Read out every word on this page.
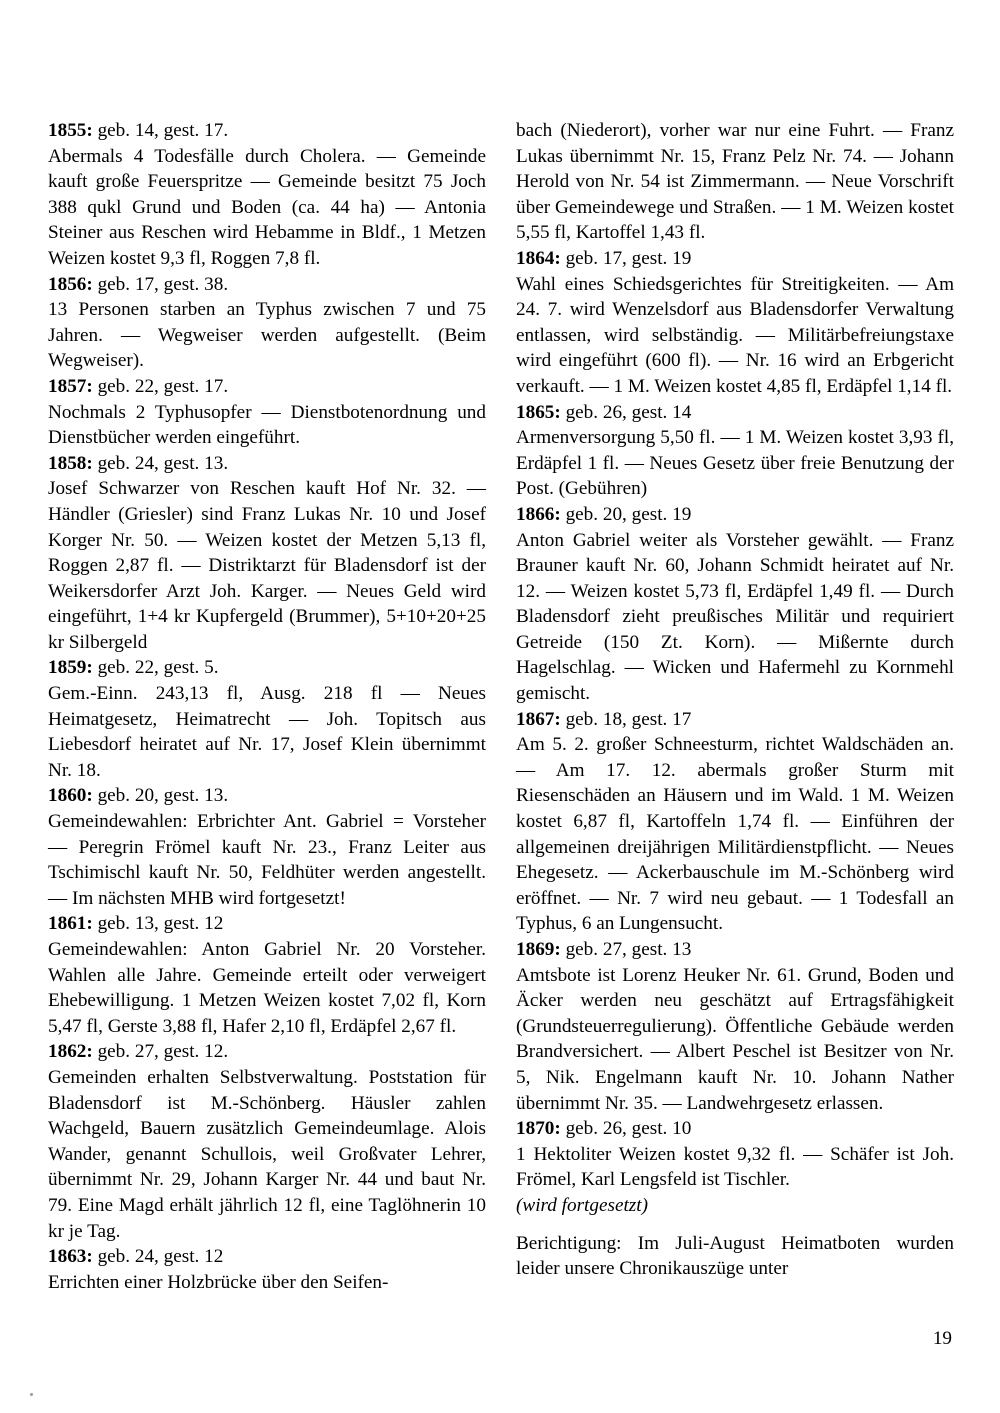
1855: geb. 14, gest. 17.

Abermals 4 Todesfälle durch Cholera. — Gemeinde kauft große Feuerspritze — Gemeinde besitzt 75 Joch 388 qukl Grund und Boden (ca. 44 ha) — Antonia Steiner aus Reschen wird Hebamme in Bldf., 1 Metzen Weizen kostet 9,3 fl, Roggen 7,8 fl.

1856: geb. 17, gest. 38.

13 Personen starben an Typhus zwischen 7 und 75 Jahren. — Wegweiser werden aufgestellt. (Beim Wegweiser).

1857: geb. 22, gest. 17.

Nochmals 2 Typhusopfer — Dienstbotenordnung und Dienstbücher werden eingeführt.

1858: geb. 24, gest. 13.

Josef Schwarzer von Reschen kauft Hof Nr. 32. — Händler (Griesler) sind Franz Lukas Nr. 10 und Josef Korger Nr. 50. — Weizen kostet der Metzen 5,13 fl, Roggen 2,87 fl. — Distriktarzt für Bladensdorf ist der Weikersdorfer Arzt Joh. Karger. — Neues Geld wird eingeführt, 1+4 kr Kupfergeld (Brummer), 5+10+20+25 kr Silbergeld

1859: geb. 22, gest. 5.

Gem.-Einn. 243,13 fl, Ausg. 218 fl — Neues Heimatgesetz, Heimatrecht — Joh. Topitsch aus Liebesdorf heiratet auf Nr. 17, Josef Klein übernimmt Nr. 18.

1860: geb. 20, gest. 13.

Gemeindewahlen: Erbrichter Ant. Gabriel = Vorsteher — Peregrin Frömel kauft Nr. 23., Franz Leiter aus Tschimischl kauft Nr. 50, Feldhüter werden angestellt. — Im nächsten MHB wird fortgesetzt!

1861: geb. 13, gest. 12

Gemeindewahlen: Anton Gabriel Nr. 20 Vorsteher. Wahlen alle Jahre. Gemeinde erteilt oder verweigert Ehebewilligung. 1 Metzen Weizen kostet 7,02 fl, Korn 5,47 fl, Gerste 3,88 fl, Hafer 2,10 fl, Erdäpfel 2,67 fl.

1862: geb. 27, gest. 12.

Gemeinden erhalten Selbstverwaltung. Poststation für Bladensdorf ist M.-Schönberg. Häusler zahlen Wachgeld, Bauern zusätzlich Gemeindeumlage. Alois Wander, genannt Schullois, weil Großvater Lehrer, übernimmt Nr. 29, Johann Karger Nr. 44 und baut Nr. 79. Eine Magd erhält jährlich 12 fl, eine Taglöhnerin 10 kr je Tag.

1863: geb. 24, gest. 12

Errichten einer Holzbrücke über den Seifen-

bach (Niederort), vorher war nur eine Fuhrt. — Franz Lukas übernimmt Nr. 15, Franz Pelz Nr. 74. — Johann Herold von Nr. 54 ist Zimmermann. — Neue Vorschrift über Gemeindewege und Straßen. — 1 M. Weizen kostet 5,55 fl, Kartoffel 1,43 fl.

1864: geb. 17, gest. 19

Wahl eines Schiedsgerichtes für Streitigkeiten. — Am 24. 7. wird Wenzelsdorf aus Bladensdorfer Verwaltung entlassen, wird selbständig. — Militärbefreiungstaxe wird eingeführt (600 fl). — Nr. 16 wird an Erbgericht verkauft. — 1 M. Weizen kostet 4,85 fl, Erdäpfel 1,14 fl.

1865: geb. 26, gest. 14

Armenversorgung 5,50 fl. — 1 M. Weizen kostet 3,93 fl, Erdäpfel 1 fl. — Neues Gesetz über freie Benutzung der Post. (Gebühren)

1866: geb. 20, gest. 19

Anton Gabriel weiter als Vorsteher gewählt. — Franz Brauner kauft Nr. 60, Johann Schmidt heiratet auf Nr. 12. — Weizen kostet 5,73 fl, Erdäpfel 1,49 fl. — Durch Bladensdorf zieht preußisches Militär und requiriert Getreide (150 Zt. Korn). — Mißernte durch Hagelschlag. — Wicken und Hafermehl zu Kornmehl gemischt.

1867: geb. 18, gest. 17

Am 5. 2. großer Schneesturm, richtet Waldschäden an. — Am 17. 12. abermals großer Sturm mit Riesenschäden an Häusern und im Wald. 1 M. Weizen kostet 6,87 fl, Kartoffeln 1,74 fl. — Einführen der allgemeinen dreijährigen Militärdienstpflicht. — Neues Ehegesetz. — Ackerbauschule im M.-Schönberg wird eröffnet. — Nr. 7 wird neu gebaut. — 1 Todesfall an Typhus, 6 an Lungensucht.

1869: geb. 27, gest. 13

Amtsbote ist Lorenz Heuker Nr. 61. Grund, Boden und Äcker werden neu geschätzt auf Ertragsfähigkeit (Grundsteuerregulierung). Öffentliche Gebäude werden Brandversichert. — Albert Peschel ist Besitzer von Nr. 5, Nik. Engelmann kauft Nr. 10. Johann Nather übernimmt Nr. 35. — Landwehrgesetz erlassen.

1870: geb. 26, gest. 10

1 Hektoliter Weizen kostet 9,32 fl. — Schäfer ist Joh. Frömel, Karl Lengsfeld ist Tischler.

(wird fortgesetzt)

Berichtigung: Im Juli-August Heimatboten wurden leider unsere Chronikauszüge unter

19
